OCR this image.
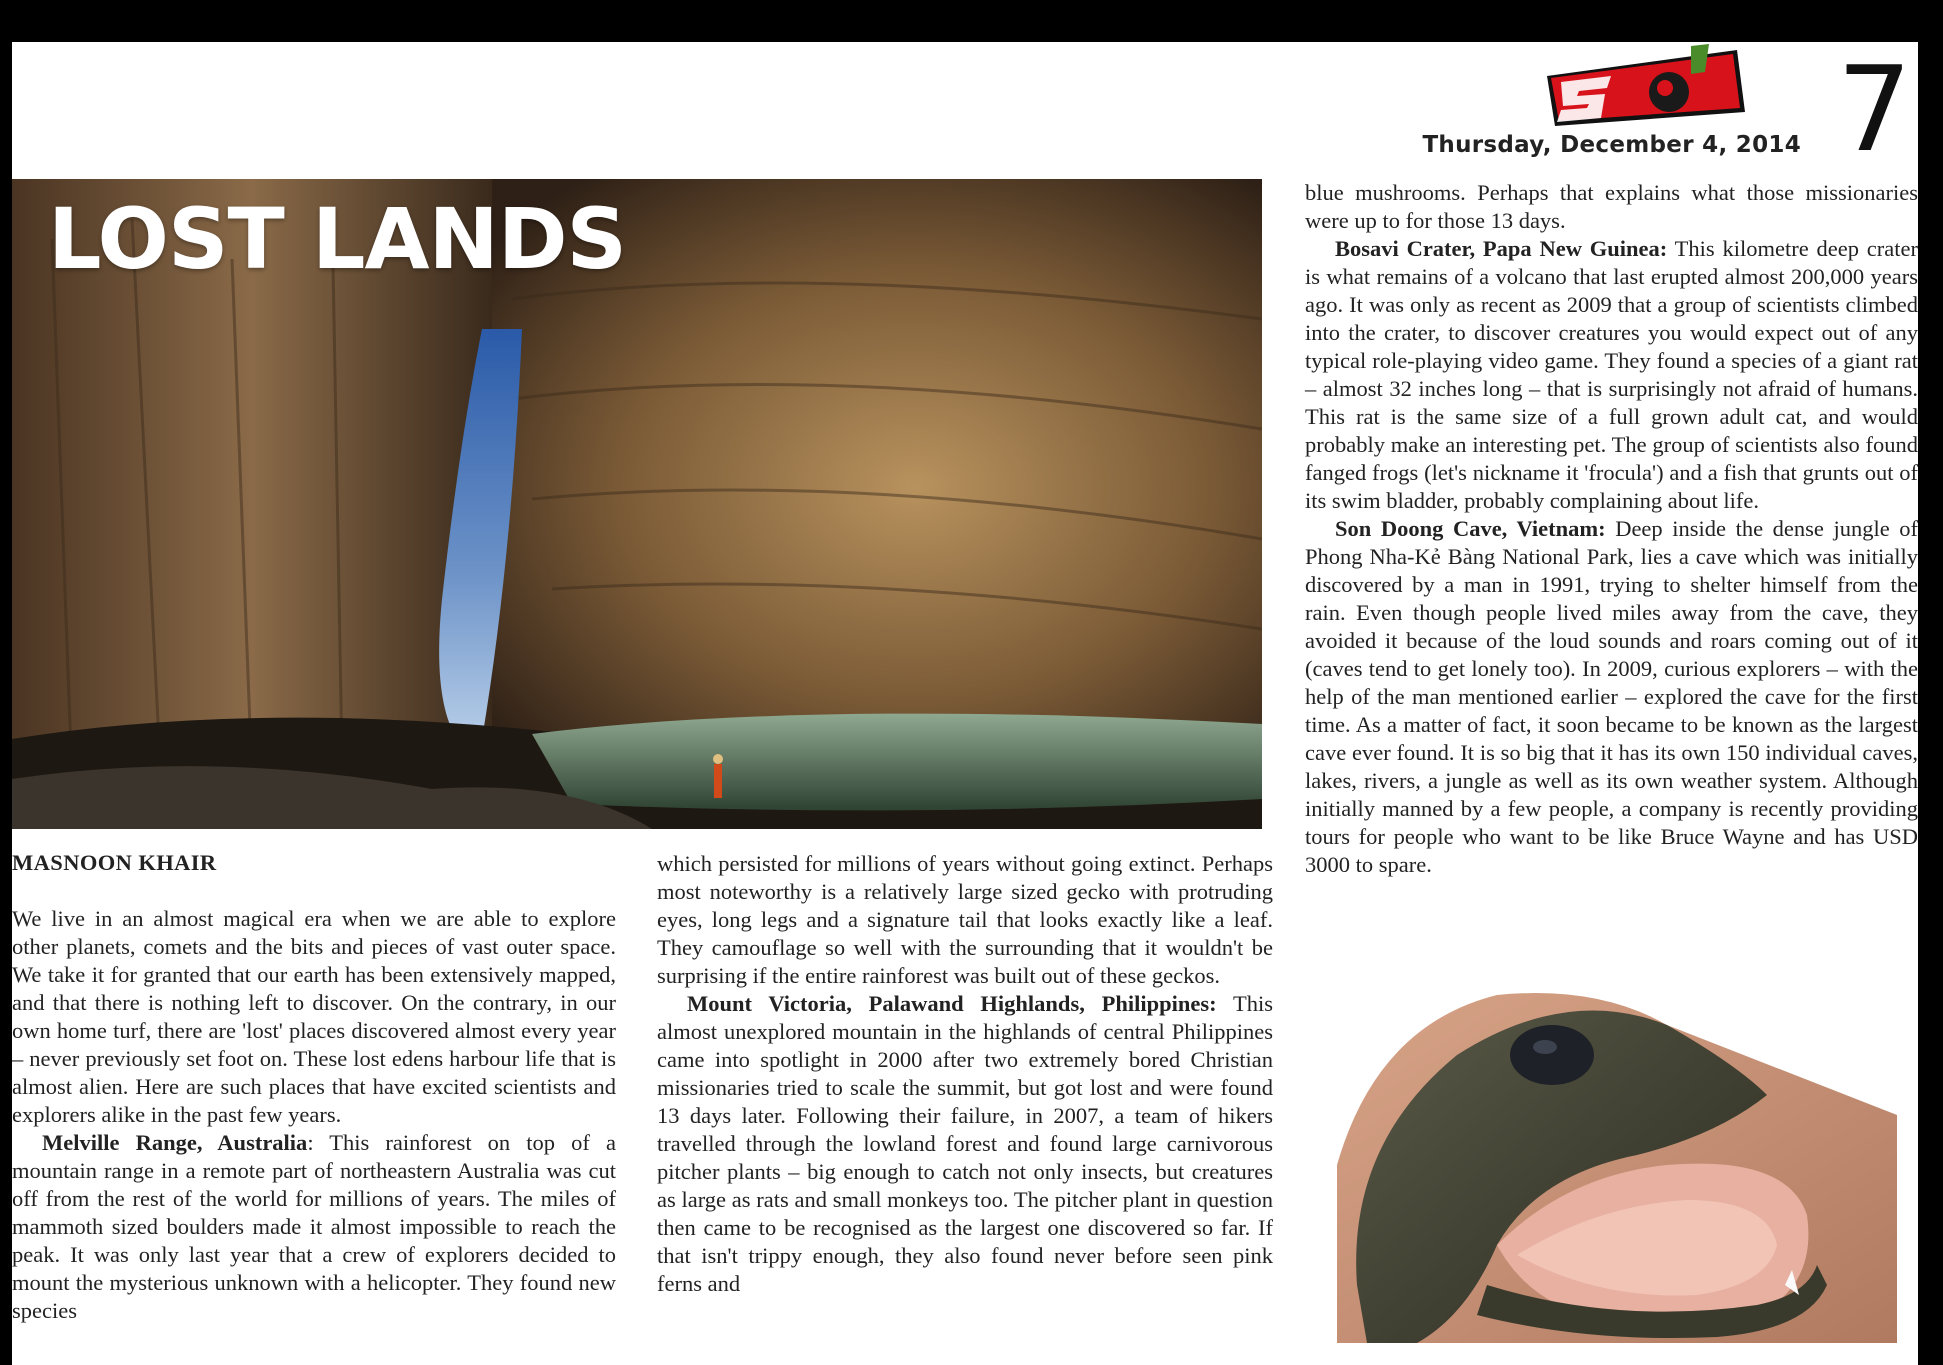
Thursday, December 4, 2014 7
LOST LANDS

MASNOON KHAIR

We live in an almost magical era when we are able to explore other planets, comets and the bits and pieces of vast outer space. We take it for granted that our earth has been extensively mapped, and that there is nothing left to discover. On the contrary, in our own home turf, there are 'lost' places discovered almost every year – never previously set foot on. These lost edens harbour life that is almost alien. Here are such places that have excited scientists and explorers alike in the past few years.

Melville Range, Australia: This rainforest on top of a mountain range in a remote part of northeastern Australia was cut off from the rest of the world for millions of years. The miles of mammoth sized boulders made it almost impossible to reach the peak. It was only last year that a crew of explorers decided to mount the mysterious unknown with a helicopter. They found new species

which persisted for millions of years without going extinct. Perhaps most noteworthy is a relatively large sized gecko with protruding eyes, long legs and a signature tail that looks exactly like a leaf. They camouflage so well with the surrounding that it wouldn't be surprising if the entire rainforest was built out of these geckos.

Mount Victoria, Palawand Highlands, Philippines: This almost unexplored mountain in the highlands of central Philippines came into spotlight in 2000 after two extremely bored Christian missionaries tried to scale the summit, but got lost and were found 13 days later. Following their failure, in 2007, a team of hikers travelled through the lowland forest and found large carnivorous pitcher plants – big enough to catch not only insects, but creatures as large as rats and small monkeys too. The pitcher plant in question then came to be recognised as the largest one discovered so far. If that isn't trippy enough, they also found never before seen pink ferns and

blue mushrooms. Perhaps that explains what those missionaries were up to for those 13 days.

Bosavi Crater, Papa New Guinea: This kilometre deep crater is what remains of a volcano that last erupted almost 200,000 years ago. It was only as recent as 2009 that a group of scientists climbed into the crater, to discover creatures you would expect out of any typical role-playing video game. They found a species of a giant rat – almost 32 inches long – that is surprisingly not afraid of humans. This rat is the same size of a full grown adult cat, and would probably make an interesting pet. The group of scientists also found fanged frogs (let's nickname it 'frocula') and a fish that grunts out of its swim bladder, probably complaining about life.

Son Doong Cave, Vietnam: Deep inside the dense jungle of Phong Nha-Kẻ Bàng National Park, lies a cave which was initially discovered by a man in 1991, trying to shelter himself from the rain. Even though people lived miles away from the cave, they avoided it because of the loud sounds and roars coming out of it (caves tend to get lonely too). In 2009, curious explorers – with the help of the man mentioned earlier – explored the cave for the first time. As a matter of fact, it soon became to be known as the largest cave ever found. It is so big that it has its own 150 individual caves, lakes, rivers, a jungle as well as its own weather system. Although initially manned by a few people, a company is recently providing tours for people who want to be like Bruce Wayne and has USD 3000 to spare.
